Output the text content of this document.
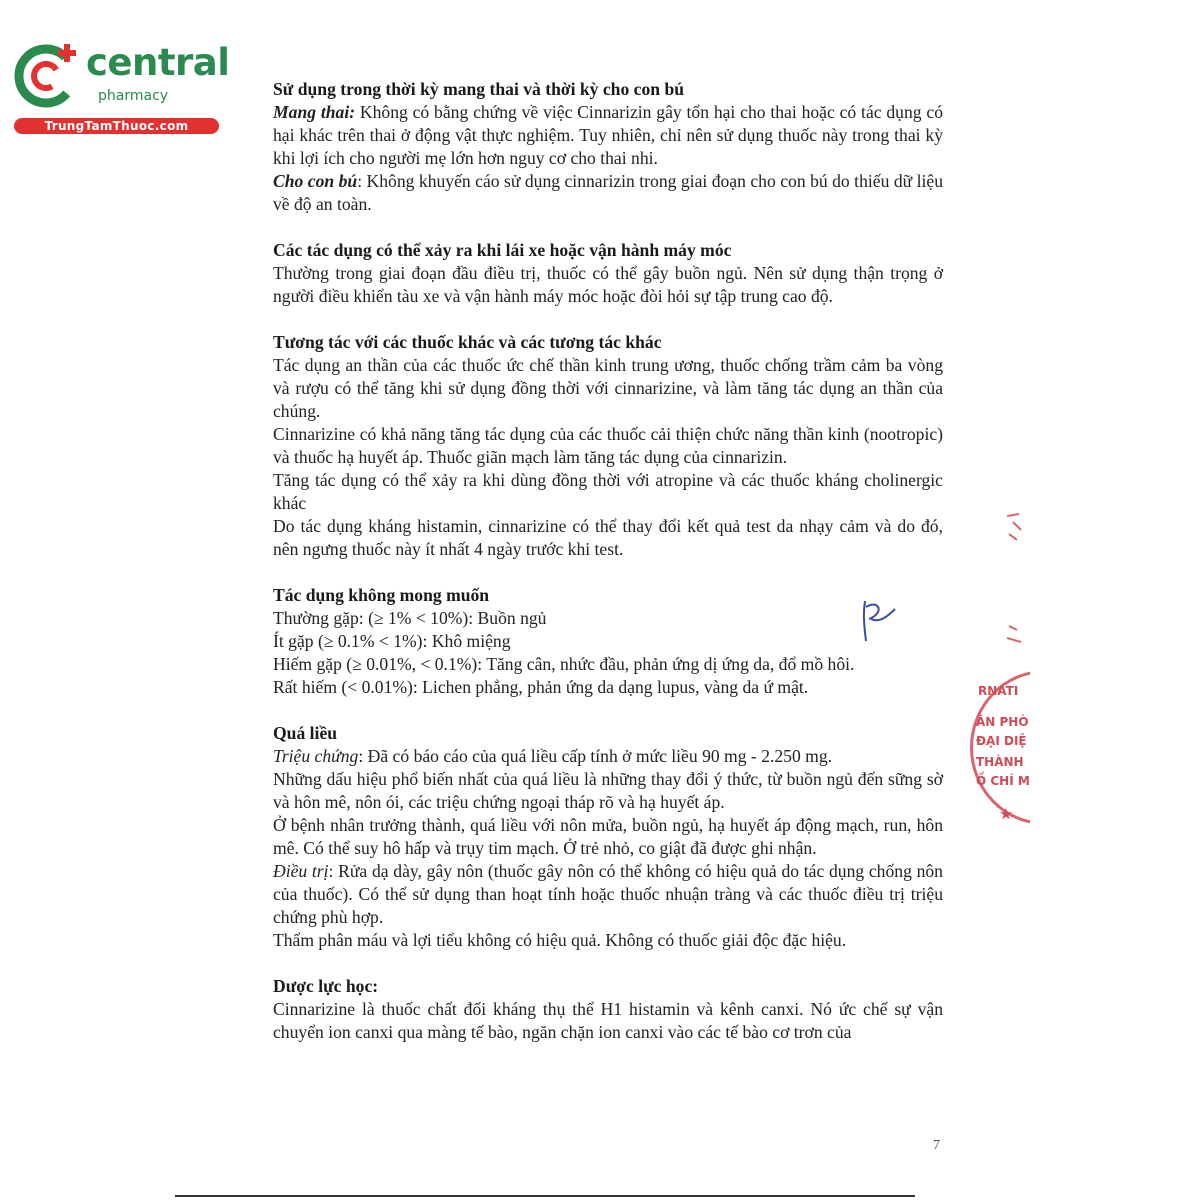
central
pharmacy
TrungTamThuoc.com
Sử dụng trong thời kỳ mang thai và thời kỳ cho con bú

Mang thai: Không có bằng chứng về việc Cinnarizin gây tổn hại cho thai hoặc có tác dụng có hại khác trên thai ở động vật thực nghiệm. Tuy nhiên, chỉ nên sử dụng thuốc này trong thai kỳ khi lợi ích cho người mẹ lớn hơn nguy cơ cho thai nhi.

Cho con bú: Không khuyến cáo sử dụng cinnarizin trong giai đoạn cho con bú do thiếu dữ liệu về độ an toàn.

Các tác dụng có thể xảy ra khi lái xe hoặc vận hành máy móc

Thường trong giai đoạn đầu điều trị, thuốc có thể gây buồn ngủ. Nên sử dụng thận trọng ở người điều khiển tàu xe và vận hành máy móc hoặc đòi hỏi sự tập trung cao độ.

Tương tác với các thuốc khác và các tương tác khác

Tác dụng an thần của các thuốc ức chế thần kinh trung ương, thuốc chống trầm cảm ba vòng và rượu có thể tăng khi sử dụng đồng thời với cinnarizine, và làm tăng tác dụng an thần của chúng.

Cinnarizine có khả năng tăng tác dụng của các thuốc cải thiện chức năng thần kinh (nootropic) và thuốc hạ huyết áp. Thuốc giãn mạch làm tăng tác dụng của cinnarizin.

Tăng tác dụng có thể xảy ra khi dùng đồng thời với atropine và các thuốc kháng cholinergic khác

Do tác dụng kháng histamin, cinnarizine có thể thay đổi kết quả test da nhạy cảm và do đó, nên ngưng thuốc này ít nhất 4 ngày trước khi test.

Tác dụng không mong muốn

Thường gặp: (≥ 1% < 10%): Buồn ngủ

Ít gặp (≥ 0.1% < 1%): Khô miệng

Hiếm gặp (≥ 0.01%, < 0.1%): Tăng cân, nhức đầu, phản ứng dị ứng da, đổ mồ hôi.

Rất hiếm (< 0.01%): Lichen phẳng, phản ứng da dạng lupus, vàng da ứ mật.

Quá liều

Triệu chứng: Đã có báo cáo của quá liều cấp tính ở mức liều 90 mg - 2.250 mg.

Những dấu hiệu phổ biến nhất của quá liều là những thay đổi ý thức, từ buồn ngủ đến sững sờ và hôn mê, nôn ói, các triệu chứng ngoại tháp rõ và hạ huyết áp.

Ở bệnh nhân trưởng thành, quá liều với nôn mửa, buồn ngủ, hạ huyết áp động mạch, run, hôn mê. Có thể suy hô hấp và trụy tim mạch. Ở trẻ nhỏ, co giật đã được ghi nhận.

Điều trị: Rửa dạ dày, gây nôn (thuốc gây nôn có thể không có hiệu quả do tác dụng chống nôn của thuốc). Có thể sử dụng than hoạt tính hoặc thuốc nhuận tràng và các thuốc điều trị triệu chứng phù hợp.

Thẩm phân máu và lợi tiểu không có hiệu quả. Không có thuốc giải độc đặc hiệu.

Dược lực học:

Cinnarizine là thuốc chất đối kháng thụ thể H1 histamin và kênh canxi. Nó ức chế sự vận chuyển ion canxi qua màng tế bào, ngăn chặn ion canxi vào các tế bào cơ trơn của

RNATI
ĂN PHÒ
ĐẠI DIỆ
THÀNH
Ồ CHÍ M
7
